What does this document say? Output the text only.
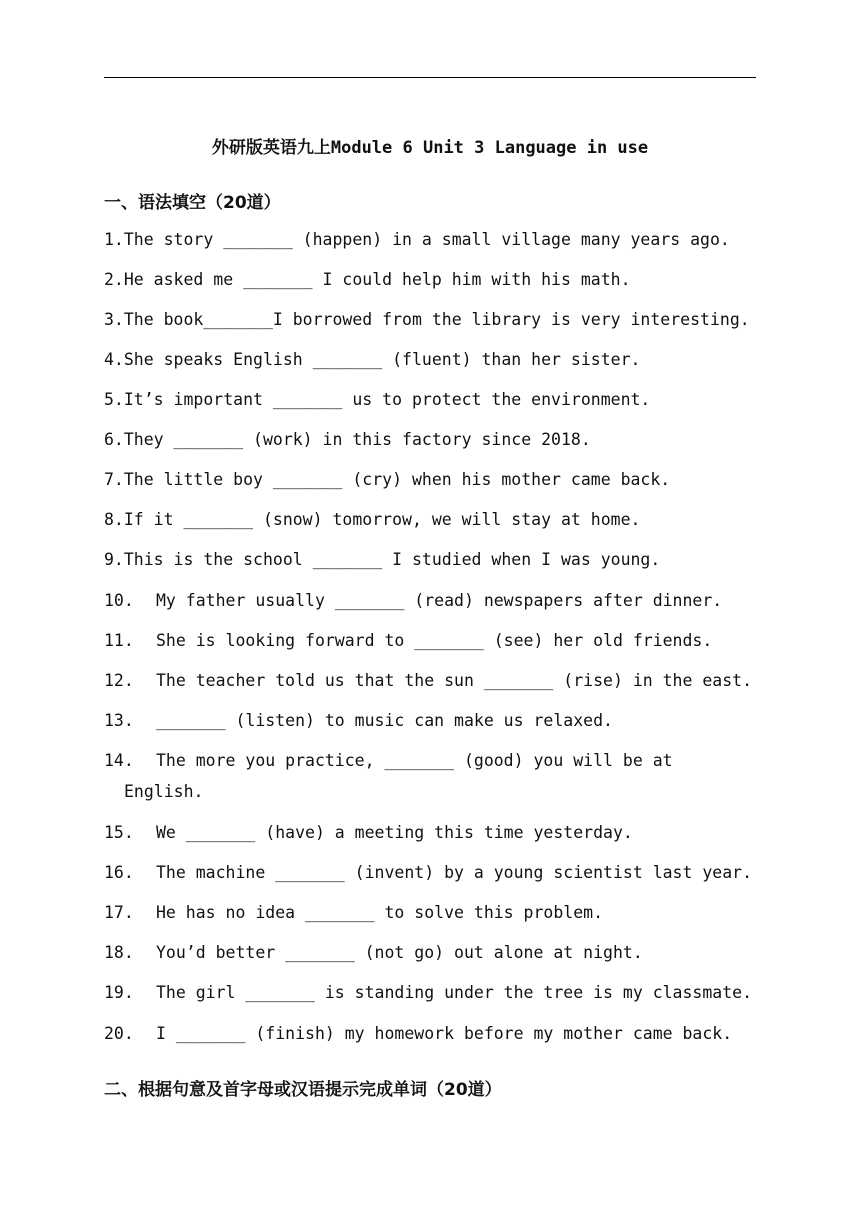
外研版英语九上Module 6 Unit 3 Language in use
一、语法填空（20道）
1.The story _______ (happen) in a small village many years ago.
2.He asked me _______ I could help him with his math.
3.The book_______I borrowed from the library is very interesting.
4.She speaks English _______ (fluent) than her sister.
5.It’s important _______ us to protect the environment.
6.They _______ (work) in this factory since 2018.
7.The little boy _______ (cry) when his mother came back.
8.If it _______ (snow) tomorrow, we will stay at home.
9.This is the school _______ I studied when I was young.
10. My father usually _______ (read) newspapers after dinner.
11. She is looking forward to _______ (see) her old friends.
12. The teacher told us that the sun _______ (rise) in the east.
13. _______ (listen) to music can make us relaxed.
14. The more you practice, _______ (good) you will be at
English.
15. We _______ (have) a meeting this time yesterday.
16. The machine _______ (invent) by a young scientist last year.
17. He has no idea _______ to solve this problem.
18. You’d better _______ (not go) out alone at night.
19. The girl _______ is standing under the tree is my classmate.
20. I _______ (finish) my homework before my mother came back.
二、根据句意及首字母或汉语提示完成单词（20道）
